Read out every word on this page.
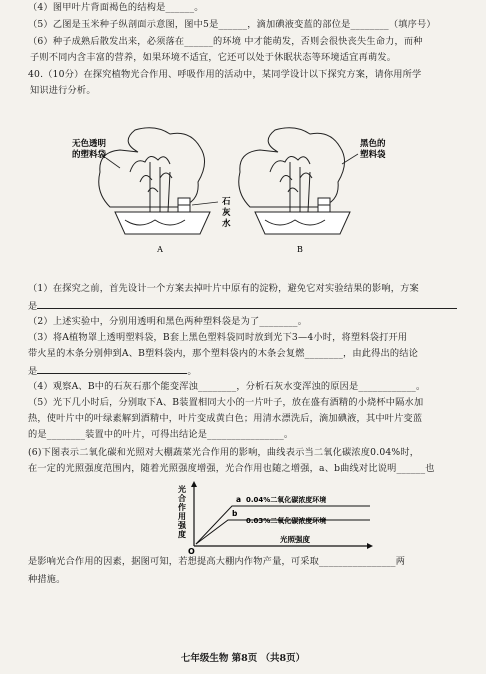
（4）图甲叶片背面褐色的结构是______。
（5）乙图是玉米种子纵剖面示意图，图中5是______，滴加碘液变蓝的部位是________（填序号）
（6）种子成熟后散发出来，必须落在______的环境 中才能萌发，否则会很快丧失生命力，而种
子则不同内含丰富的营养，如果环境不适宜，它还可以处于休眠状态等环境适宜再萌发。
40.（10分）在探究植物光合作用、呼吸作用的活动中，某同学设计以下探究方案，请你用所学
知识进行分析。
无色透明
的塑料袋
A
石
灰
水
黑色的
塑料袋
B
（1）在探究之前，首先设计一个方案去掉叶片中原有的淀粉，避免它对实验结果的影响，方案
是
（2）上述实验中，分别用透明和黑色两种塑料袋是为了________。
（3）将A植物罩上透明塑料袋，B套上黑色塑料袋同时放到光下3—4小时，将塑料袋打开用
带火星的木条分别伸到A、B塑料袋内，那个塑料袋内的木条会复燃________，由此得出的结论
是	。
（4）观察A、B中的石灰石那个能变浑浊________，分析石灰水变浑浊的原因是____________。
（5）光下几小时后，分别取下A、B装置相同大小的一片叶子，放在盛有酒精的小烧杯中隔水加
热，使叶片中的叶绿素解到酒精中，叶片变成黄白色；用清水漂洗后，滴加碘液，其中叶片变蓝
的是________装置中的叶片，可得出结论是________________。
(6)下图表示二氧化碳和光照对大棚蔬菜光合作用的影响，曲线表示当二氧化碳浓度0.04%时，
在一定的光照强度范围内，随着光照强度增强，光合作用也随之增强，a、b曲线对比说明______也
光
合
作
用
强
度
O
光照强度
a
b
0.04%二氧化碳浓度环境
0.03%二氧化碳浓度环境
是影响光合作用的因素，据图可知，若想提高大棚内作物产量，可采取________________两
种措施。
七年级生物 第8页 （共8页）
